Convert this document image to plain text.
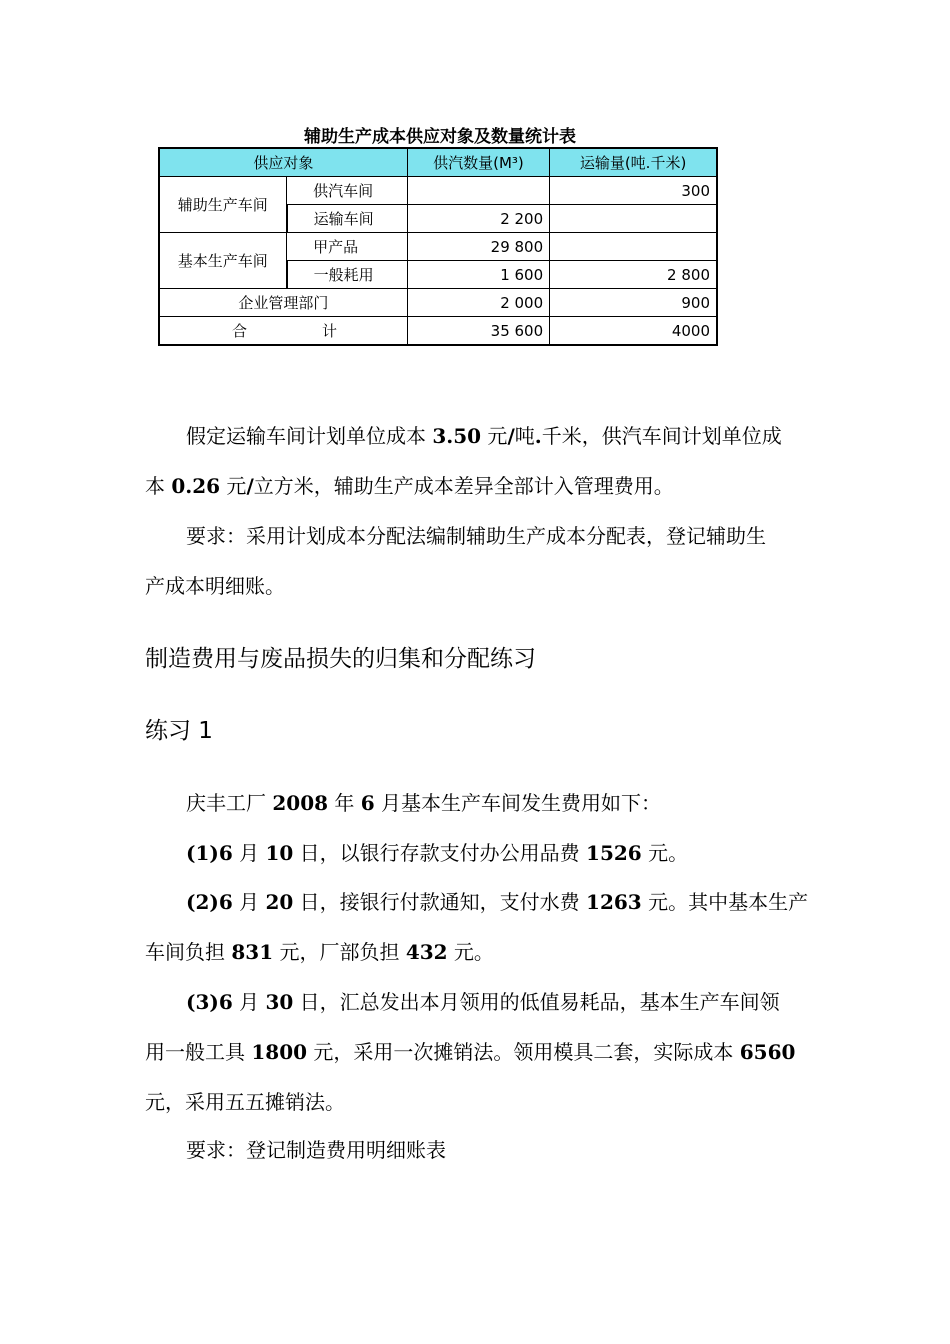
辅助生产成本供应对象及数量统计表
供应对象		供汽数量(M³)	运输量(吨.千米)
辅助生产车间	供汽车间		300
	运输车间	2 200	
基本生产车间	甲产品	29 800	
	一般耗用	1 600	2 800
企业管理部门		2 000	900
合 计		35 600	4000
假定运输车间计划单位成本 3.50 元/吨.千米，供汽车间计划单位成
本 0.26 元/立方米，辅助生产成本差异全部计入管理费用。
要求：采用计划成本分配法编制辅助生产成本分配表，登记辅助生
产成本明细账。
制造费用与废品损失的归集和分配练习
练习 1
庆丰工厂 2008 年 6 月基本生产车间发生费用如下：
(1)6 月 10 日，以银行存款支付办公用品费 1526 元。
(2)6 月 20 日，接银行付款通知，支付水费 1263 元。其中基本生产
车间负担 831 元，厂部负担 432 元。
(3)6 月 30 日，汇总发出本月领用的低值易耗品，基本生产车间领
用一般工具 1800 元，采用一次摊销法。领用模具二套，实际成本 6560
元，采用五五摊销法。
要求：登记制造费用明细账表
